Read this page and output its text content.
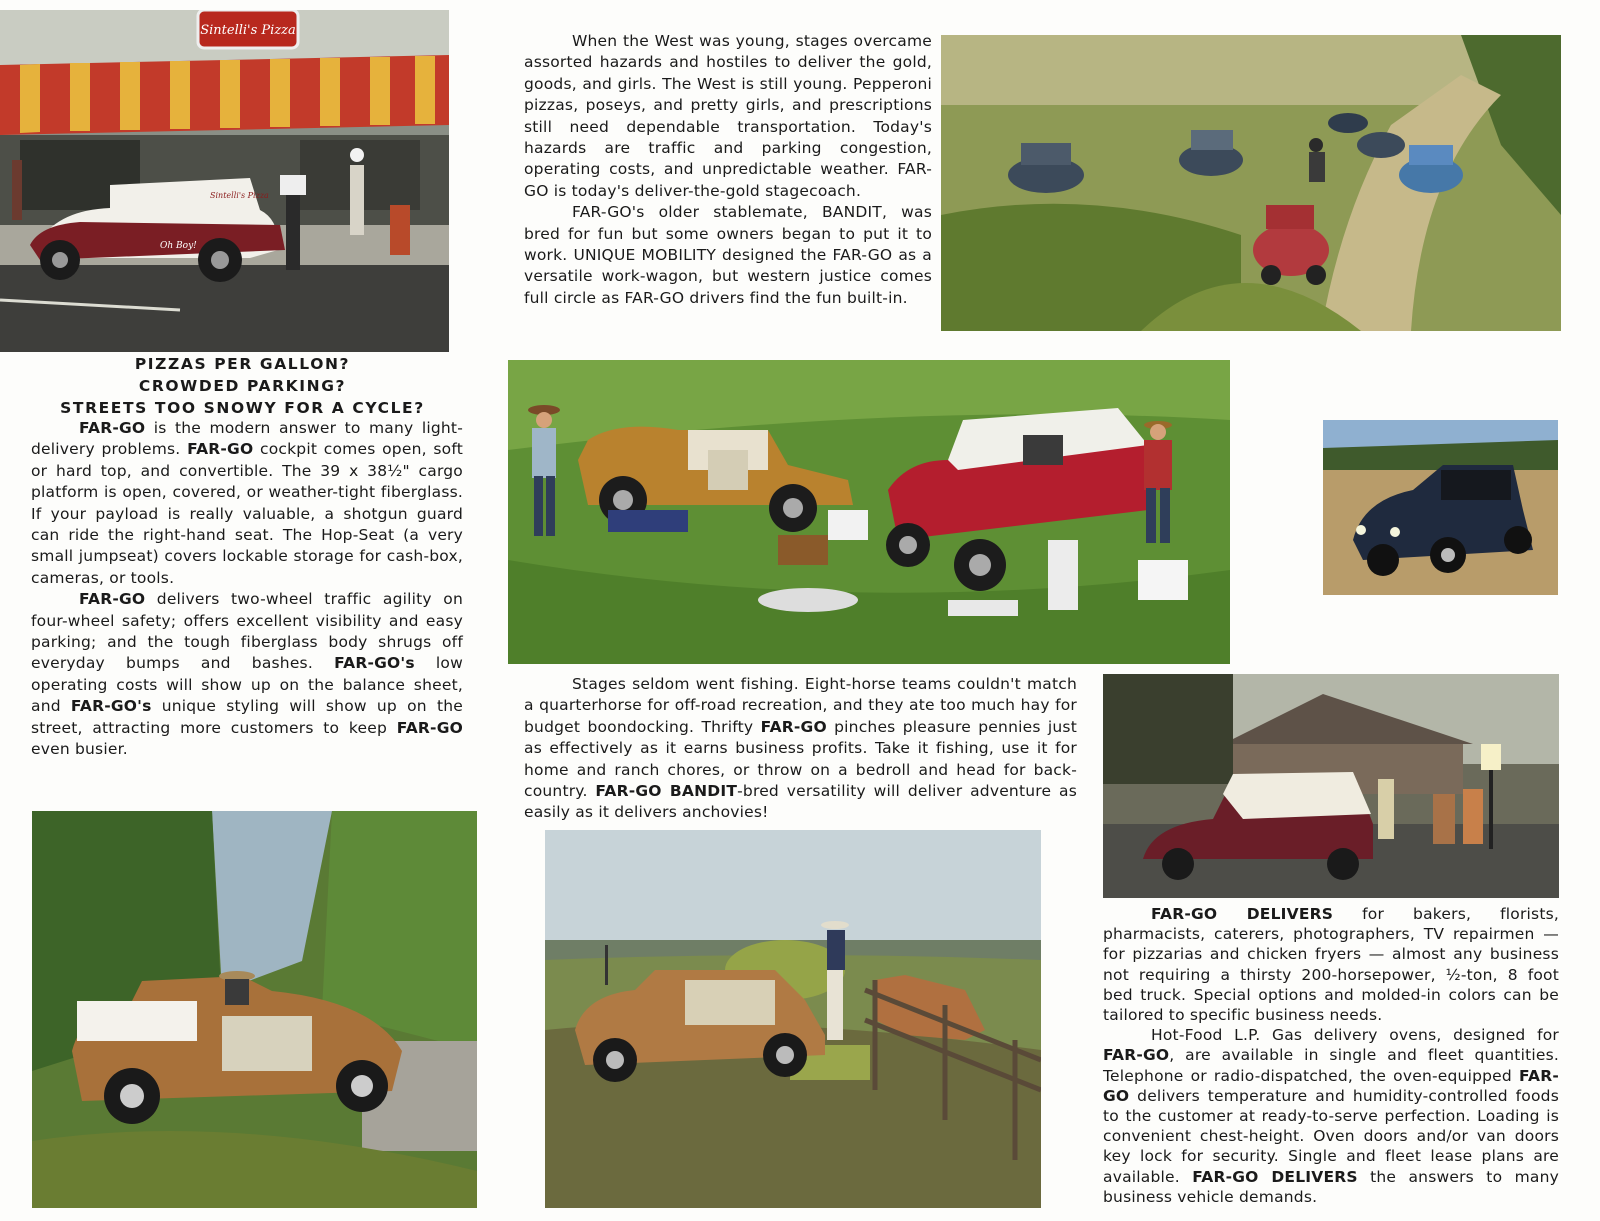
Sintelli's Pizza
Oh Boy!
Sintelli's Pizza
PIZZAS PER GALLON?
CROWDED PARKING?
STREETS TOO SNOWY FOR A CYCLE?

FAR-GO is the modern answer to many light-delivery problems. FAR-GO cockpit comes open, soft or hard top, and convertible. The 39 x 38½" cargo platform is open, covered, or weather-tight fiberglass. If your payload is really valuable, a shotgun guard can ride the right-hand seat. The Hop-Seat (a very small jumpseat) covers lockable storage for cash-box, cameras, or tools.

FAR-GO delivers two-wheel traffic agility on four-wheel safety; offers excellent visibility and easy parking; and the tough fiberglass body shrugs off everyday bumps and bashes. FAR-GO's low operating costs will show up on the balance sheet, and FAR-GO's unique styling will show up on the street, attracting more customers to keep FAR-GO even busier.

When the West was young, stages overcame assorted hazards and hostiles to deliver the gold, goods, and girls. The West is still young. Pepperoni pizzas, poseys, and pretty girls, and prescriptions still need dependable transportation. Today's hazards are traffic and parking congestion, operating costs, and unpredictable weather. FAR-GO is today's deliver-the-gold stagecoach.

FAR-GO's older stablemate, BANDIT, was bred for fun but some owners began to put it to work. UNIQUE MOBILITY designed the FAR-GO as a versatile work-wagon, but western justice comes full circle as FAR-GO drivers find the fun built-in.

Stages seldom went fishing. Eight-horse teams couldn't match a quarterhorse for off-road recreation, and they ate too much hay for budget boondocking. Thrifty FAR-GO pinches pleasure pennies just as effectively as it earns business profits. Take it fishing, use it for home and ranch chores, or throw on a bedroll and head for back-country. FAR-GO BANDIT-bred versatility will deliver adventure as easily as it delivers anchovies!

FAR-GO DELIVERS for bakers, florists, pharmacists, caterers, photographers, TV repairmen — for pizzarias and chicken fryers — almost any business not requiring a thirsty 200-horsepower, ½-ton, 8 foot bed truck. Special options and molded-in colors can be tailored to specific business needs.

Hot-Food L.P. Gas delivery ovens, designed for FAR-GO, are available in single and fleet quantities. Telephone or radio-dispatched, the oven-equipped FAR-GO delivers temperature and humidity-controlled foods to the customer at ready-to-serve perfection. Loading is convenient chest-height. Oven doors and/or van doors key lock for security. Single and fleet lease plans are available. FAR-GO DELIVERS the answers to many business vehicle demands.
